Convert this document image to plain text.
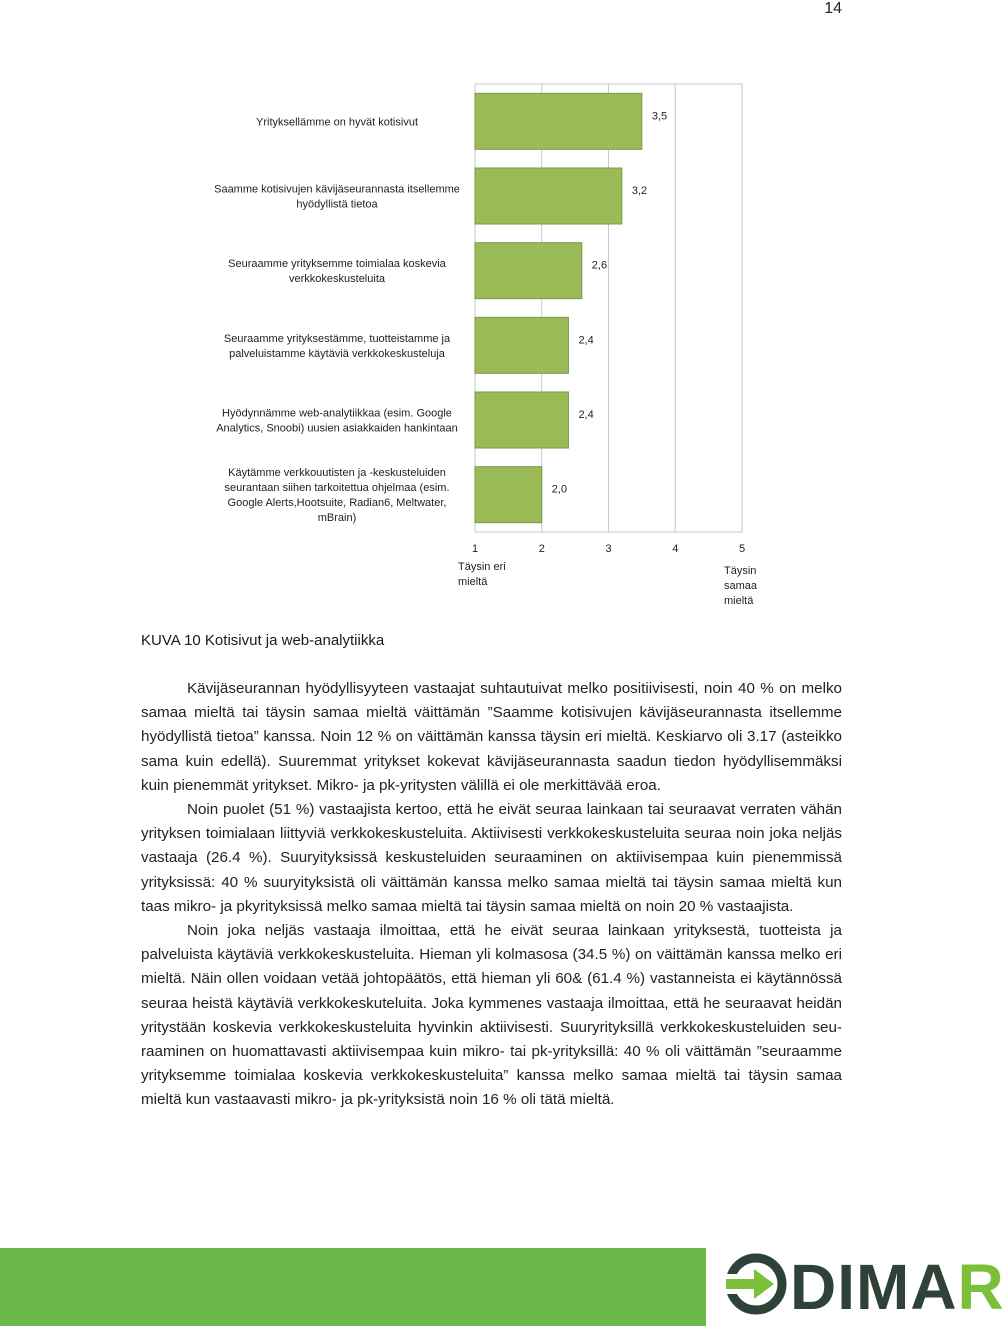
14
1	2	3	4	5
Täysin eri
mieltä
Täysin
samaa
mieltä
3,5
Yrityksellämme on hyvät kotisivut
3,2
Saamme kotisivujen kävijäseurannasta itsellemme
hyödyllistä tietoa
2,6
Seuraamme yrityksemme toimialaa koskevia
verkkokeskusteluita
2,4
Seuraamme yrityksestämme, tuotteistamme ja
palveluistamme käytäviä verkkokeskusteluja
2,4
Hyödynnämme web-analytiikkaa (esim. Google
Analytics, Snoobi) uusien asiakkaiden hankintaan
2,0
Käytämme verkkouutisten ja -keskusteluiden
seurantaan siihen tarkoitettua ohjelmaa (esim.
Google Alerts,Hootsuite, Radian6, Meltwater,
mBrain)
KUVA 10 Kotisivut ja web-analytiikka

Kävijäseurannan hyödyllisyyteen vastaajat suhtautuivat melko positiivisesti, noin 40 % on melko samaa mieltä tai täysin samaa mieltä väittämän ”Saamme kotisivujen kävijäseurannasta itsellemme hyödyllistä tietoa” kanssa. Noin 12 % on väittämän kanssa täysin eri mieltä. Keskiarvo oli 3.17 (asteikko sama kuin edellä). Suuremmat yritykset kokevat kävijäseurannasta saadun tiedon hyödyllisemmäksi kuin pienemmät yritykset. Mikro- ja pk-yritysten välillä ei ole merkittävää eroa.

Noin puolet (51 %) vastaajista kertoo, että he eivät seuraa lainkaan tai seuraavat verraten vähän yrityksen toimialaan liittyviä verkkokeskusteluita. Aktiivisesti verkkokeskusteluita seuraa noin joka neljäs vastaaja (26.4 %). Suuryityksissä keskusteluiden seuraaminen on aktiivisempaa kuin pienemmissä yrityksissä: 40 % suuryityksistä oli väittämän kanssa melko samaa mieltä tai täysin samaa mieltä kun taas mikro- ja pkyrityksissä melko samaa mieltä tai täysin samaa mieltä on noin 20 % vastaajista.

Noin joka neljäs vastaaja ilmoittaa, että he eivät seuraa lainkaan yrityksestä, tuotteista ja palveluista käytäviä verkkokeskusteluita. Hieman yli kolmasosa (34.5 %) on väittämän kanssa melko eri mieltä. Näin ollen voidaan vetää johtopäätös, että hieman yli 60& (61.4 %) vastanneista ei käytännössä seuraa heistä käytäviä verkkokeskuteluita. Joka kymmenes vastaaja ilmoittaa, että he seuraavat heidän yritystään koskevia verkkokeskusteluita hyvinkin aktiivisesti. Suuryrityksillä verkkokeskusteluiden seuraaminen on huomattavasti aktiivisempaa kuin mikro- tai pk-yrityksillä: 40 % oli väittämän ”seuraamme yrityksemme toimialaa koskevia verkkokeskusteluita” kanssa melko samaa mieltä tai täysin samaa mieltä kun vastaavasti mikro- ja pk-yrityksistä noin 16 % oli tätä mieltä.

DIMAR
